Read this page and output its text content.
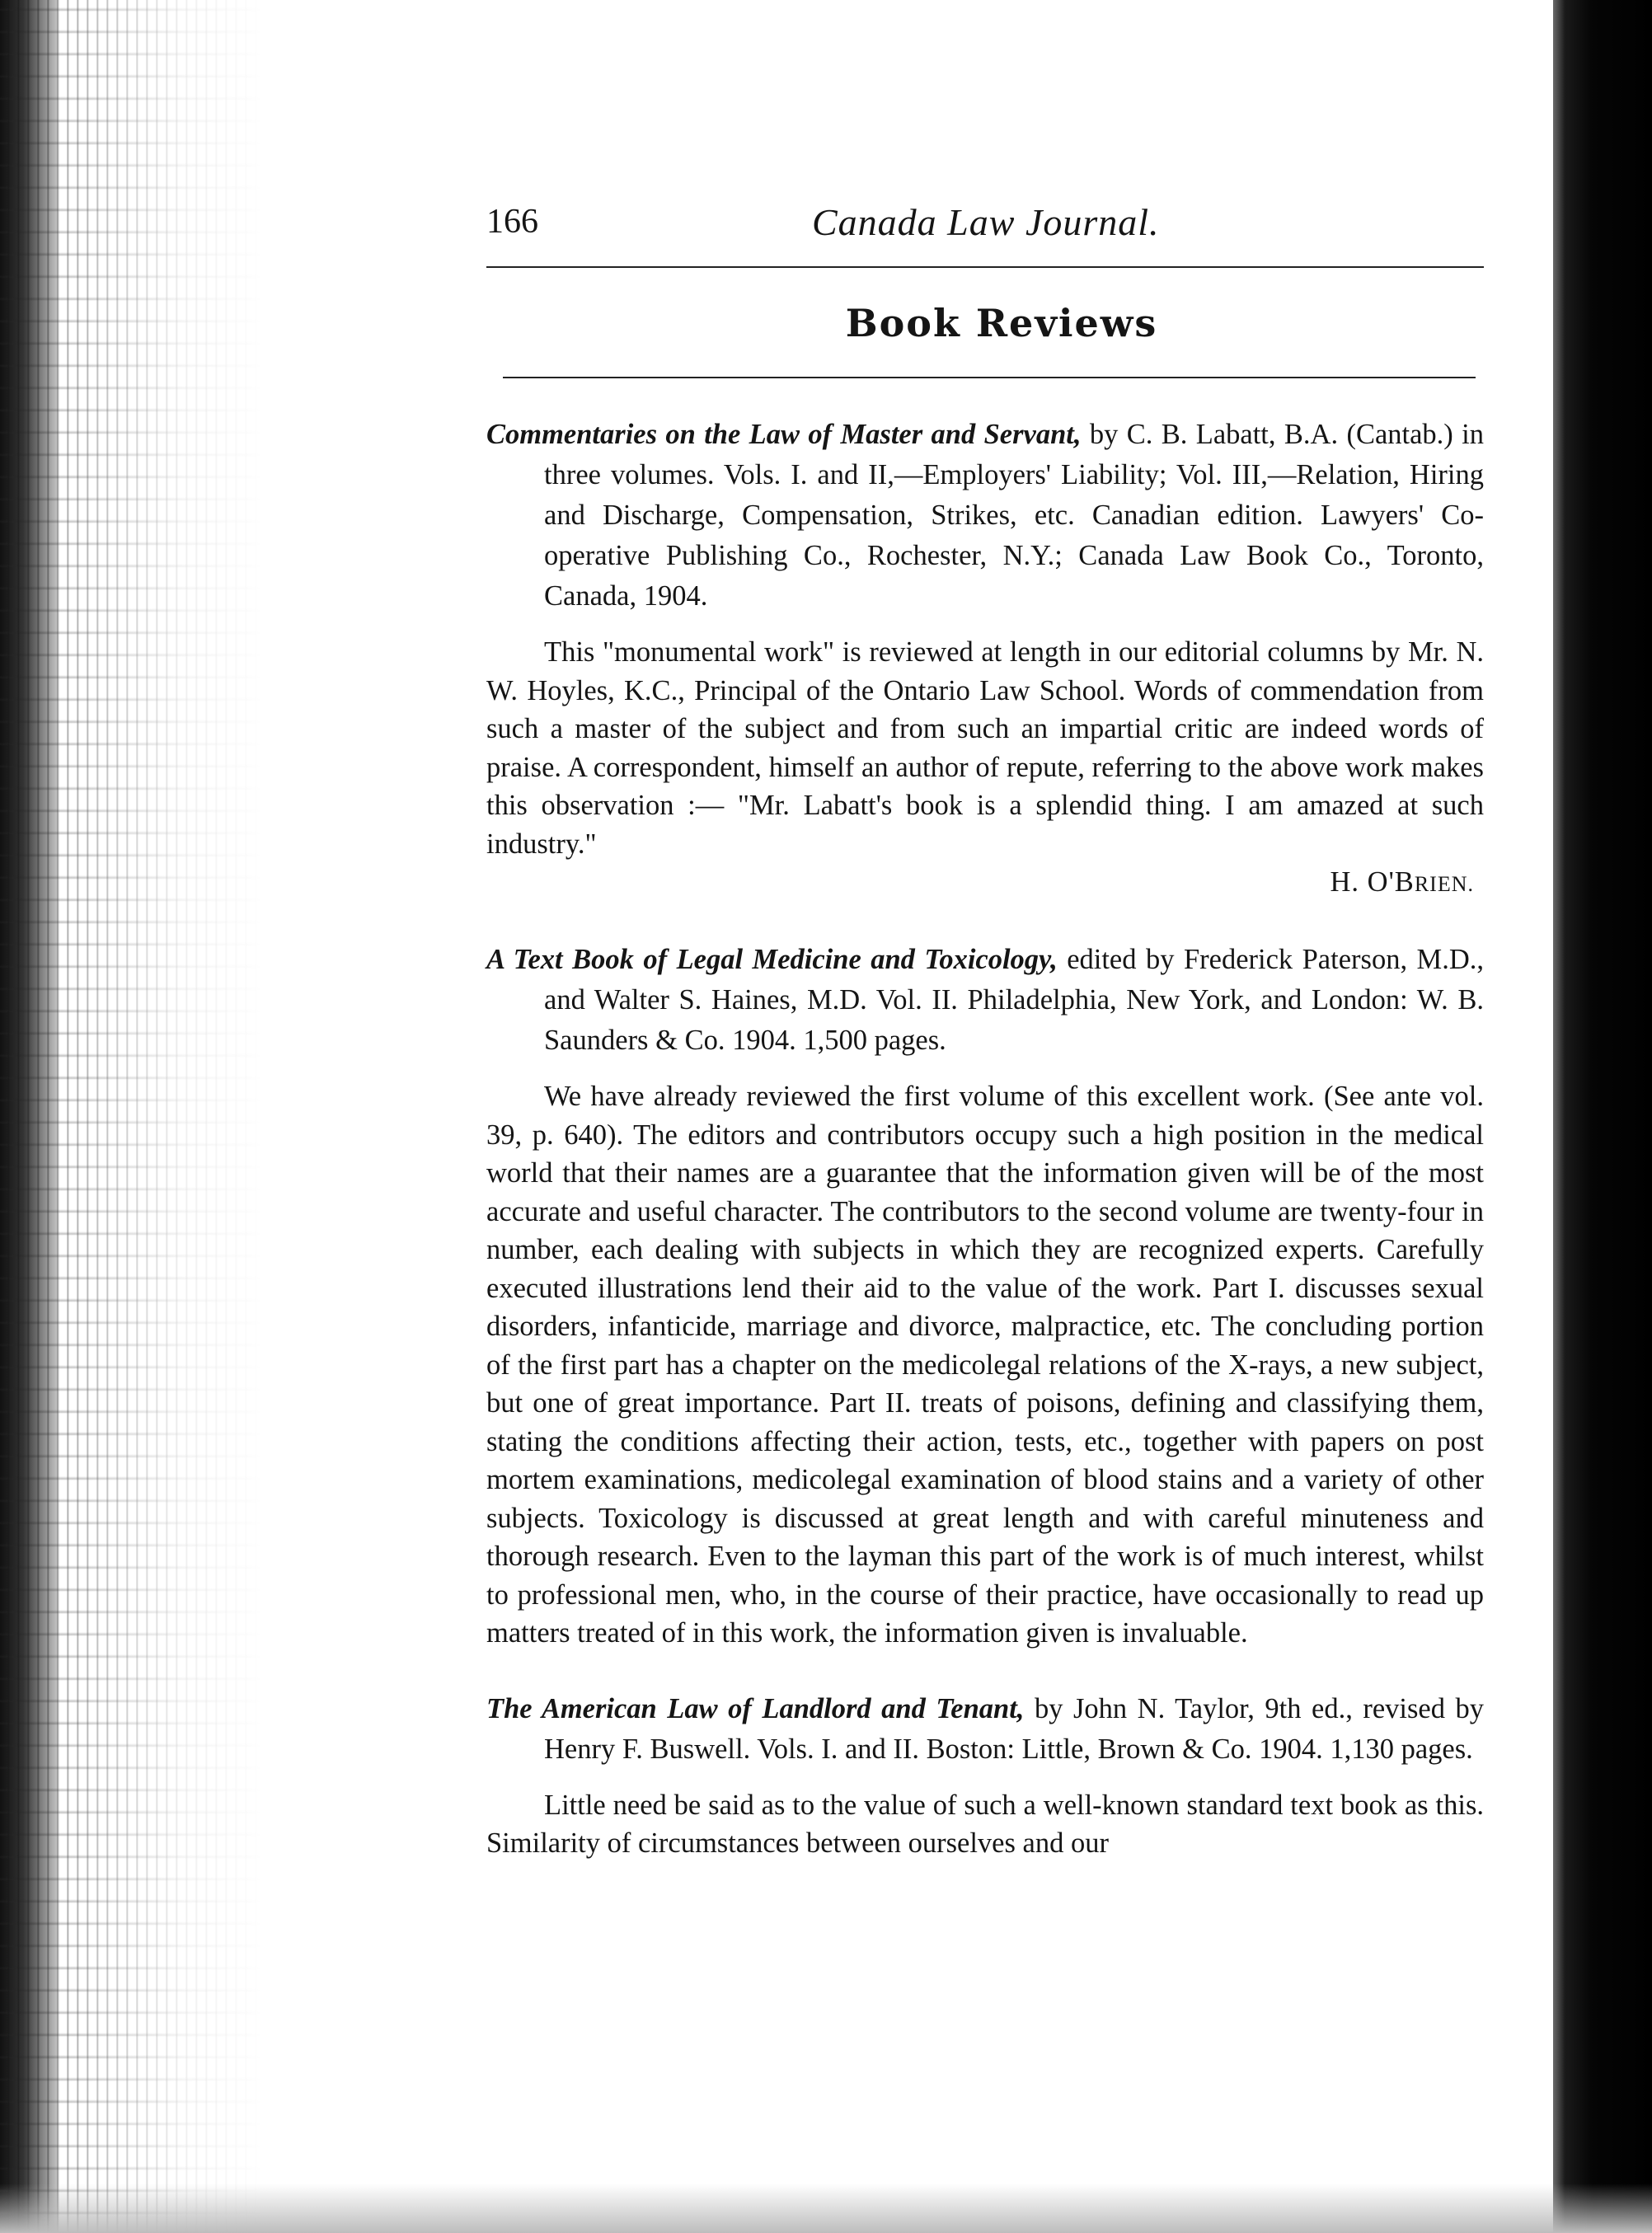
166	Canada Law Journal.
Book Reviews
Commentaries on the Law of Master and Servant, by C. B. Labatt, B.A. (Cantab.) in three volumes. Vols. I. and II,—Employers' Liability; Vol. III,—Relation, Hiring and Discharge, Compensation, Strikes, etc. Canadian edition. Lawyers' Co-operative Publishing Co., Rochester, N.Y.; Canada Law Book Co., Toronto, Canada, 1904.
This "monumental work" is reviewed at length in our editorial columns by Mr. N. W. Hoyles, K.C., Principal of the Ontario Law School. Words of commendation from such a master of the subject and from such an impartial critic are indeed words of praise. A correspondent, himself an author of repute, referring to the above work makes this observation :— "Mr. Labatt's book is a splendid thing. I am amazed at such industry."
H. O'BRIEN.
A Text Book of Legal Medicine and Toxicology, edited by Frederick Paterson, M.D., and Walter S. Haines, M.D. Vol. II. Philadelphia, New York, and London: W. B. Saunders & Co. 1904. 1,500 pages.
We have already reviewed the first volume of this excellent work. (See ante vol. 39, p. 640). The editors and contributors occupy such a high position in the medical world that their names are a guarantee that the information given will be of the most accurate and useful character. The contributors to the second volume are twenty-four in number, each dealing with subjects in which they are recognized experts. Carefully executed illustrations lend their aid to the value of the work. Part I. discusses sexual disorders, infanticide, marriage and divorce, malpractice, etc. The concluding portion of the first part has a chapter on the medicolegal relations of the X-rays, a new subject, but one of great importance. Part II. treats of poisons, defining and classifying them, stating the conditions affecting their action, tests, etc., together with papers on post mortem examinations, medicolegal examination of blood stains and a variety of other subjects. Toxicology is discussed at great length and with careful minuteness and thorough research. Even to the layman this part of the work is of much interest, whilst to professional men, who, in the course of their practice, have occasionally to read up matters treated of in this work, the information given is invaluable.
The American Law of Landlord and Tenant, by John N. Taylor, 9th ed., revised by Henry F. Buswell. Vols. I. and II. Boston: Little, Brown & Co. 1904. 1,130 pages.
Little need be said as to the value of such a well-known standard text book as this. Similarity of circumstances between ourselves and our
